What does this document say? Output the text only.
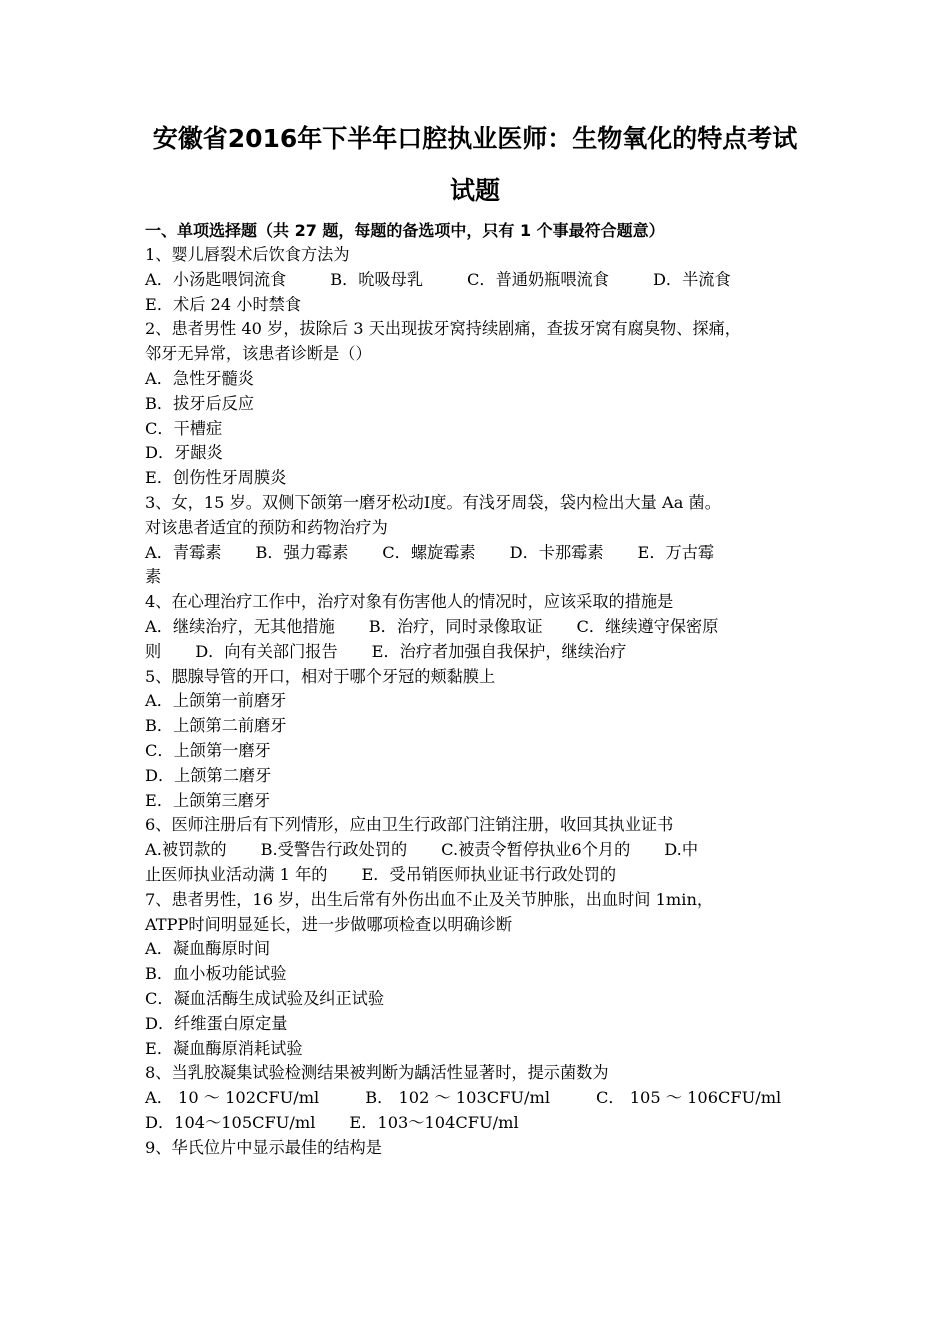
安徽省2016年下半年口腔执业医师：生物氧化的特点考试
试题
一、单项选择题（共 27 题，每题的备选项中，只有 1 个事最符合题意）
1、婴儿唇裂术后饮食方法为
A．小汤匙喂饲流食	B．吮吸母乳	C．普通奶瓶喂流食	D．半流食
E．术后 24 小时禁食
2、患者男性 40 岁，拔除后 3 天出现拔牙窝持续剧痛，查拔牙窝有腐臭物、探痛，
邻牙无异常，该患者诊断是（）
A．急性牙髓炎
B．拔牙后反应
C．干槽症
D．牙龈炎
E．创伤性牙周膜炎
3、女，15 岁。双侧下颌第一磨牙松动Ⅰ度。有浅牙周袋，袋内检出大量 Aa 菌。
对该患者适宜的预防和药物治疗为
A．青霉素 B．强力霉素 C．螺旋霉素 D．卡那霉素 E．万古霉
素
4、在心理治疗工作中，治疗对象有伤害他人的情况时，应该采取的措施是
A．继续治疗，无其他措施 B．治疗，同时录像取证 C．继续遵守保密原
则 D．向有关部门报告 E．治疗者加强自我保护，继续治疗
5、腮腺导管的开口，相对于哪个牙冠的颊黏膜上
A．上颌第一前磨牙
B．上颌第二前磨牙
C．上颌第一磨牙
D．上颌第二磨牙
E．上颌第三磨牙
6、医师注册后有下列情形，应由卫生行政部门注销注册，收回其执业证书
A.被罚款的 B.受警告行政处罚的 C.被责令暂停执业6个月的 D.中
止医师执业活动满 1 年的 E．受吊销医师执业证书行政处罚的
7、患者男性，16 岁，出生后常有外伤出血不止及关节肿胀，出血时间 1min，
ATPP时间明显延长，进一步做哪项检查以明确诊断
A．凝血酶原时间
B．血小板功能试验
C．凝血活酶生成试验及纠正试验
D．纤维蛋白原定量
E．凝血酶原消耗试验
8、当乳胶凝集试验检测结果被判断为龋活性显著时，提示菌数为
A． 10 ～ 102CFU/ml	B． 102 ～ 103CFU/ml	C． 105 ～ 106CFU/ml
D．104～105CFU/ml E．103～104CFU/ml
9、华氏位片中显示最佳的结构是
